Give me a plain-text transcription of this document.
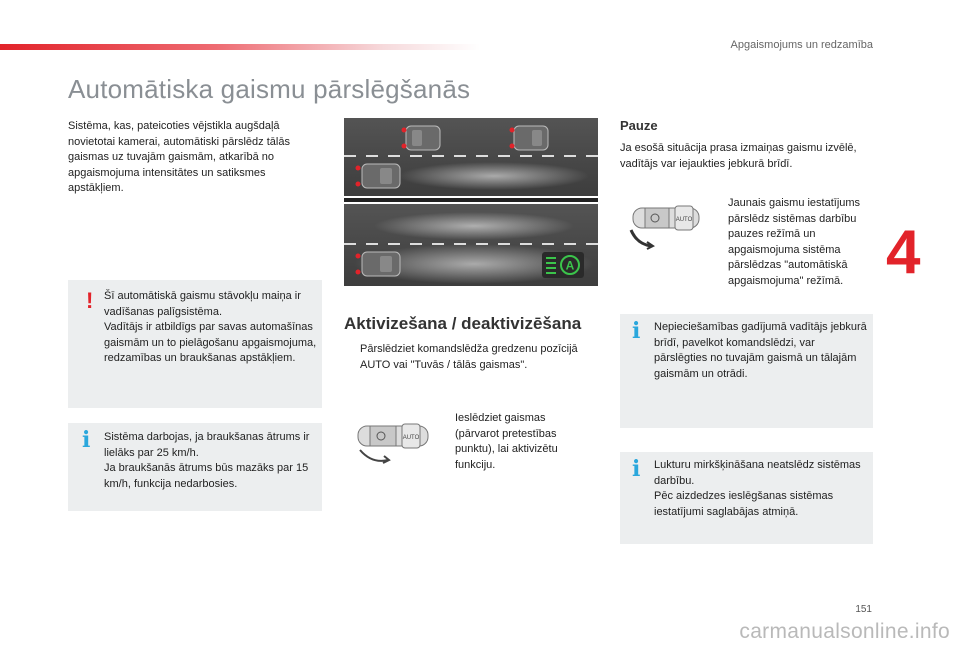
Apgaismojums un redzamība
Automātiska gaismu pārslēgšanās
4

Sistēma, kas, pateicoties vējstikla augšdaļā novietotai kamerai, automātiski pārslēdz tālās gaismas uz tuvajām gaismām, atkarībā no apgaismojuma intensitātes un satiksmes apstākļiem.

! Šī automātiskā gaismu stāvokļu maiņa ir vadīšanas palīgsistēma.
Vadītājs ir atbildīgs par savas automašīnas gaismām un to pielāgošanu apgaismojuma, redzamības un braukšanas apstākļiem.
i Sistēma darbojas, ja braukšanas ātrums ir lielāks par 25 km/h.
Ja braukšanās ātrums būs mazāks par 15 km/h, funkcija nedarbosies.
A
Aktivizešana / deaktivizēšana
Pārslēdziet komandslēdža gredzenu pozīcijā AUTO vai "Tuvās / tālās gaismas".
AUTO
Ieslēdziet gaismas (pārvarot pretestības punktu), lai aktivizētu funkciju.
Pauze

Ja esošā situācija prasa izmaiņas gaismu izvēlē, vadītājs var iejaukties jebkurā brīdī.

AUTO
Jaunais gaismu iestatījums pārslēdz sistēmas darbību pauzes režīmā un apgaismojuma sistēma pārslēdzas "automātiskā apgaismojuma" režīmā.
i Nepieciešamības gadījumā vadītājs jebkurā brīdī, pavelkot komandslēdzi, var pārslēgties no tuvajām gaismā un tālajām gaismām un otrādi.
i Lukturu mirkšķināšana neatslēdz sistēmas darbību.
Pēc aizdedzes ieslēgšanas sistēmas iestatījumi saglabājas atmiņā.
151
carmanualsonline.info
